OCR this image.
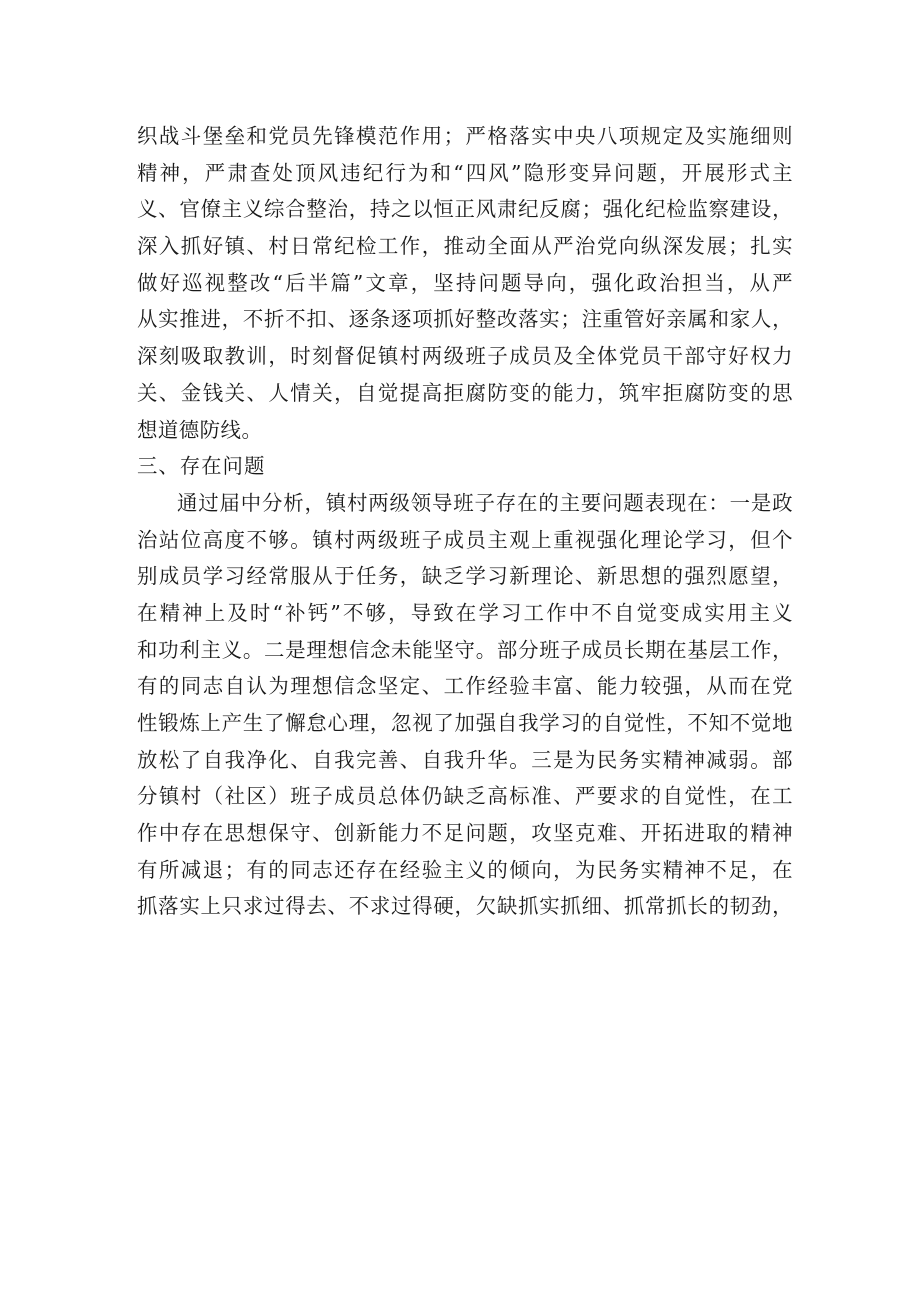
织战斗堡垒和党员先锋模范作用；严格落实中央八项规定及实施细则
精神，严肃查处顶风违纪行为和“四风”隐形变异问题，开展形式主
义、官僚主义综合整治，持之以恒正风肃纪反腐；强化纪检监察建设，
深入抓好镇、村日常纪检工作，推动全面从严治党向纵深发展；扎实
做好巡视整改“后半篇”文章，坚持问题导向，强化政治担当，从严
从实推进，不折不扣、逐条逐项抓好整改落实；注重管好亲属和家人，
深刻吸取教训，时刻督促镇村两级班子成员及全体党员干部守好权力
关、金钱关、人情关，自觉提高拒腐防变的能力，筑牢拒腐防变的思
想道德防线。
三、存在问题
通过届中分析，镇村两级领导班子存在的主要问题表现在：一是政
治站位高度不够。镇村两级班子成员主观上重视强化理论学习，但个
别成员学习经常服从于任务，缺乏学习新理论、新思想的强烈愿望，
在精神上及时“补钙”不够，导致在学习工作中不自觉变成实用主义
和功利主义。二是理想信念未能坚守。部分班子成员长期在基层工作，
有的同志自认为理想信念坚定、工作经验丰富、能力较强，从而在党
性锻炼上产生了懈怠心理，忽视了加强自我学习的自觉性，不知不觉地
放松了自我净化、自我完善、自我升华。三是为民务实精神减弱。部
分镇村（社区）班子成员总体仍缺乏高标准、严要求的自觉性，在工
作中存在思想保守、创新能力不足问题，攻坚克难、开拓进取的精神
有所减退；有的同志还存在经验主义的倾向，为民务实精神不足，在
抓落实上只求过得去、不求过得硬，欠缺抓实抓细、抓常抓长的韧劲，
